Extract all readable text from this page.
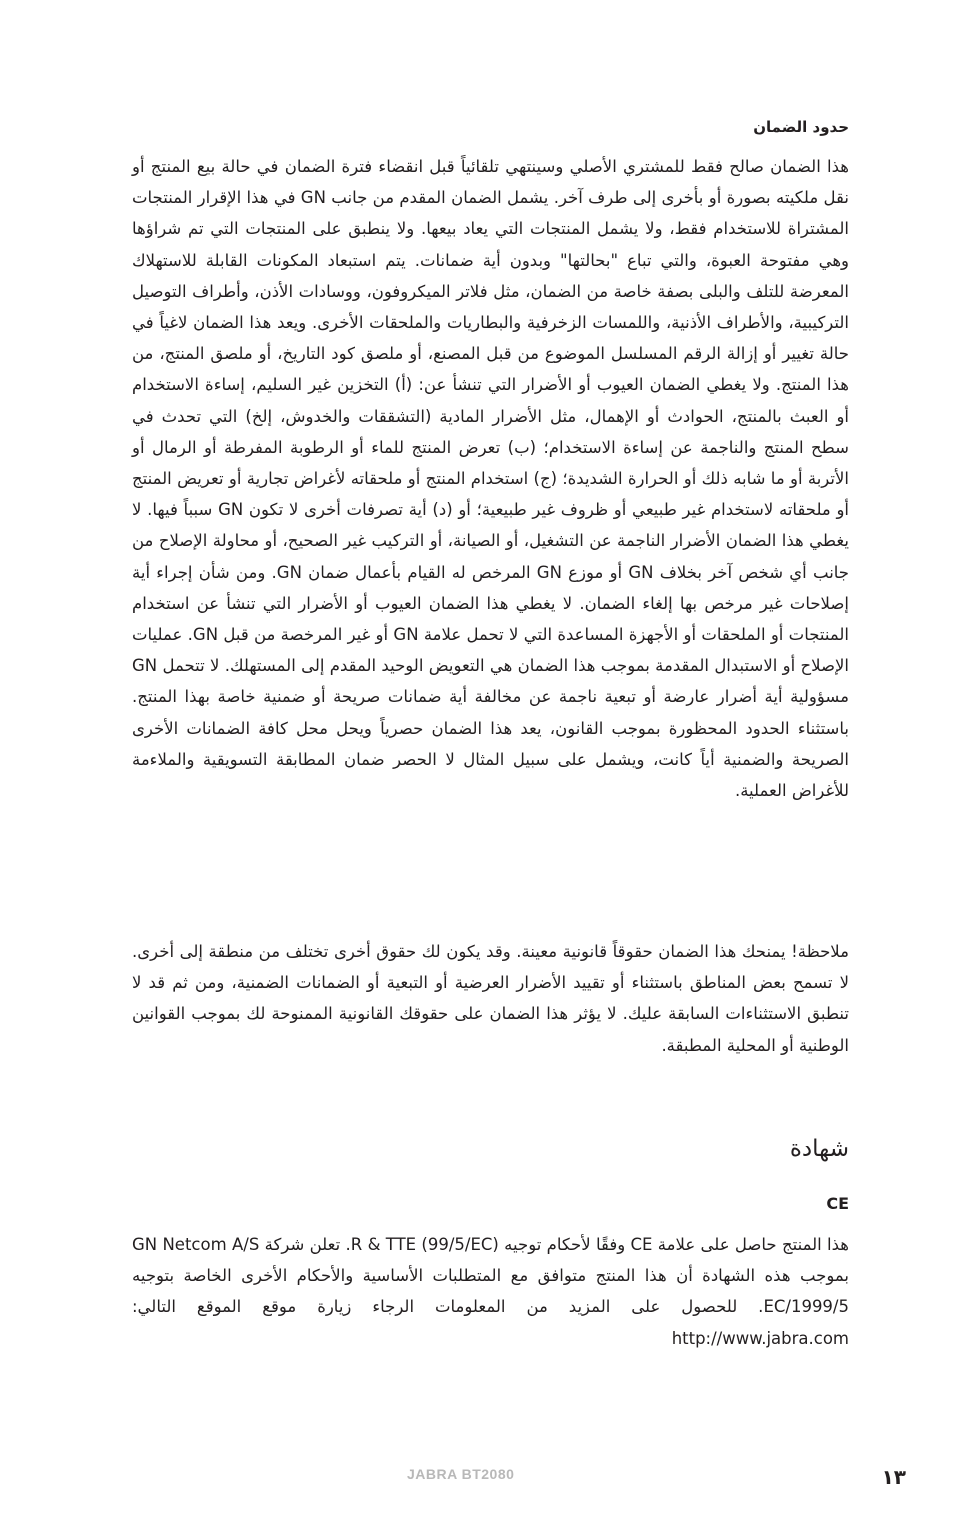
حدود الضمان

هذا الضمان صالح فقط للمشتري الأصلي وسينتهي تلقائياً قبل انقضاء فترة الضمان في حالة بيع المنتج أو نقل ملكيته بصورة أو بأخرى إلى طرف آخر. يشمل الضمان المقدم من جانب GN في هذا الإقرار المنتجات المشتراة للاستخدام فقط، ولا يشمل المنتجات التي يعاد بيعها. ولا ينطبق على المنتجات التي تم شراؤها وهي مفتوحة العبوة، والتي تباع "بحالتها" وبدون أية ضمانات. يتم استبعاد المكونات القابلة للاستهلاك المعرضة للتلف والبلى بصفة خاصة من الضمان، مثل فلاتر الميكروفون، ووسادات الأذن، وأطراف التوصيل التركيبية، والأطراف الأذنية، واللمسات الزخرفية والبطاريات والملحقات الأخرى. ويعد هذا الضمان لاغياً في حالة تغيير أو إزالة الرقم المسلسل الموضوع من قبل المصنع، أو ملصق كود التاريخ، أو ملصق المنتج، من هذا المنتج. ولا يغطي الضمان العيوب أو الأضرار التي تنشأ عن: (أ) التخزين غير السليم، إساءة الاستخدام أو العبث بالمنتج، الحوادث أو الإهمال، مثل الأضرار المادية (التشققات والخدوش، إلخ) التي تحدث في سطح المنتج والناجمة عن إساءة الاستخدام؛ (ب) تعرض المنتج للماء أو الرطوبة المفرطة أو الرمال أو الأتربة أو ما شابه ذلك أو الحرارة الشديدة؛ (ج) استخدام المنتج أو ملحقاته لأغراض تجارية أو تعريض المنتج أو ملحقاته لاستخدام غير طبيعي أو ظروف غير طبيعية؛ أو (د) أية تصرفات أخرى لا تكون GN سبباً فيها. لا يغطي هذا الضمان الأضرار الناجمة عن التشغيل، أو الصيانة، أو التركيب غير الصحيح، أو محاولة الإصلاح من جانب أي شخص آخر بخلاف GN أو موزع GN المرخص له القيام بأعمال ضمان GN. ومن شأن إجراء أية إصلاحات غير مرخص بها إلغاء الضمان. لا يغطي هذا الضمان العيوب أو الأضرار التي تنشأ عن استخدام المنتجات أو الملحقات أو الأجهزة المساعدة التي لا تحمل علامة GN أو غير المرخصة من قبل GN. عمليات الإصلاح أو الاستبدال المقدمة بموجب هذا الضمان هي التعويض الوحيد المقدم إلى المستهلك. لا تتحمل GN مسؤولية أية أضرار عارضة أو تبعية ناجمة عن مخالفة أية ضمانات صريحة أو ضمنية خاصة بهذا المنتج. باستثناء الحدود المحظورة بموجب القانون، يعد هذا الضمان حصرياً ويحل محل كافة الضمانات الأخرى الصريحة والضمنية أياً كانت، ويشمل على سبيل المثال لا الحصر ضمان المطابقة التسويقية والملاءمة للأغراض العملية.

ملاحظة! يمنحك هذا الضمان حقوقاً قانونية معينة. وقد يكون لك حقوق أخرى تختلف من منطقة إلى أخرى. لا تسمح بعض المناطق باستثناء أو تقييد الأضرار العرضية أو التبعية أو الضمانات الضمنية، ومن ثم قد لا تنطبق الاستثناءات السابقة عليك. لا يؤثر هذا الضمان على حقوقك القانونية الممنوحة لك بموجب القوانين الوطنية أو المحلية المطبقة.

شهادة
CE

هذا المنتج حاصل على علامة CE وفقًا لأحكام توجيه R & TTE (99/5/EC). تعلن شركة GN Netcom A/S بموجب هذه الشهادة أن هذا المنتج متوافق مع المتطلبات الأساسية والأحكام الأخرى الخاصة بتوجيه EC/1999/5. للحصول على المزيد من المعلومات الرجاء زيارة موقع الموقع التالي: http://www.jabra.com

JABRA BT2080	١٣
